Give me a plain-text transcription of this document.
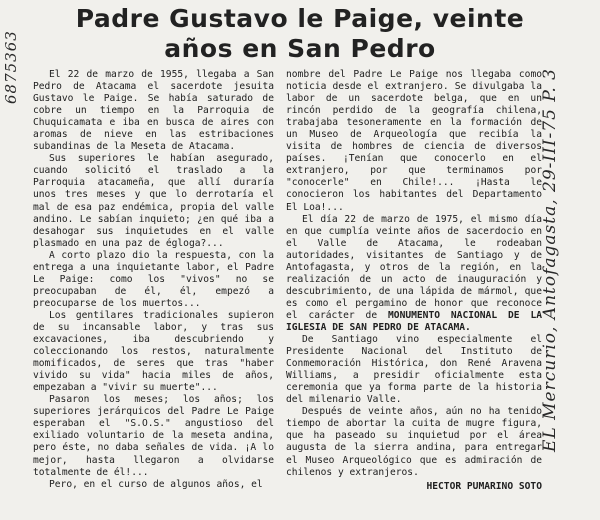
6875363
EL Mercurio, Antofagasta, 29-III-75 P. 3
Padre Gustavo le Paige, veinte
años en San Pedro

El 22 de marzo de 1955, llegaba a San Pedro de Atacama el sacerdote jesuita Gustavo le Paige. Se había saturado de cobre un tiempo en la Parroquia de Chuquicamata e iba en busca de aires con aromas de nieve en las estribaciones subandinas de la Meseta de Atacama.

Sus superiores le habían asegurado, cuando solicitó el traslado a la Parroquia atacameña, que allí duraría unos tres meses y que lo derrotaría el mal de esa paz endémica, propia del valle andino. Le sabían inquieto; ¿en qué iba a desahogar sus inquietudes en el valle plasmado en una paz de égloga?...

A corto plazo dio la respuesta, con la entrega a una inquietante labor, el Padre Le Paige: como los "vivos" no se preocupaban de él, él, empezó a preocuparse de los muertos...

Los gentilares tradicionales supieron de su incansable labor, y tras sus excavaciones, iba descubriendo y coleccionando los restos, naturalmente momificados, de seres que tras "haber vivido su vida" hacia miles de años, empezaban a "vivir su muerte"...

Pasaron los meses; los años; los superiores jerárquicos del Padre Le Paige esperaban el "S.O.S." angustioso del exiliado voluntario de la meseta andina, pero éste, no daba señales de vida. ¡A lo mejor, hasta llegaron a olvidarse totalmente de él!...

Pero, en el curso de algunos años, el

nombre del Padre Le Paige nos llegaba como noticia desde el extranjero. Se divulgaba la labor de un sacerdote belga, que en un rincón perdido de la geografía chilena, trabajaba tesoneramente en la formación de un Museo de Arqueología que recibía la visita de hombres de ciencia de diversos países. ¡Tenían que conocerlo en el extranjero, por que terminamos por "conocerle" en Chile!... ¡Hasta le conocieron los habitantes del Departamento El Loa!...

El día 22 de marzo de 1975, el mismo día en que cumplía veinte años de sacerdocio en el Valle de Atacama, le rodeaban autoridades, visitantes de Santiago y de Antofagasta, y otros de la región, en la realización de un acto de inauguración y descubrimiento, de una lápida de mármol, que es como el pergamino de honor que reconoce el carácter de MONUMENTO NACIONAL DE LA IGLESIA DE SAN PEDRO DE ATACAMA.

De Santiago vino especialmente el Presidente Nacional del Instituto de Conmemoración Histórica, don René Aravena Williams, a presidir oficialmente esta ceremonia que ya forma parte de la historia del milenario Valle.

Después de veinte años, aún no ha tenido tiempo de abortar la cuita de mugre figura, que ha paseado su inquietud por el área augusta de la sierra andina, para entregar el Museo Arqueológico que es admiración de chilenos y extranjeros.

HECTOR PUMARINO SOTO
